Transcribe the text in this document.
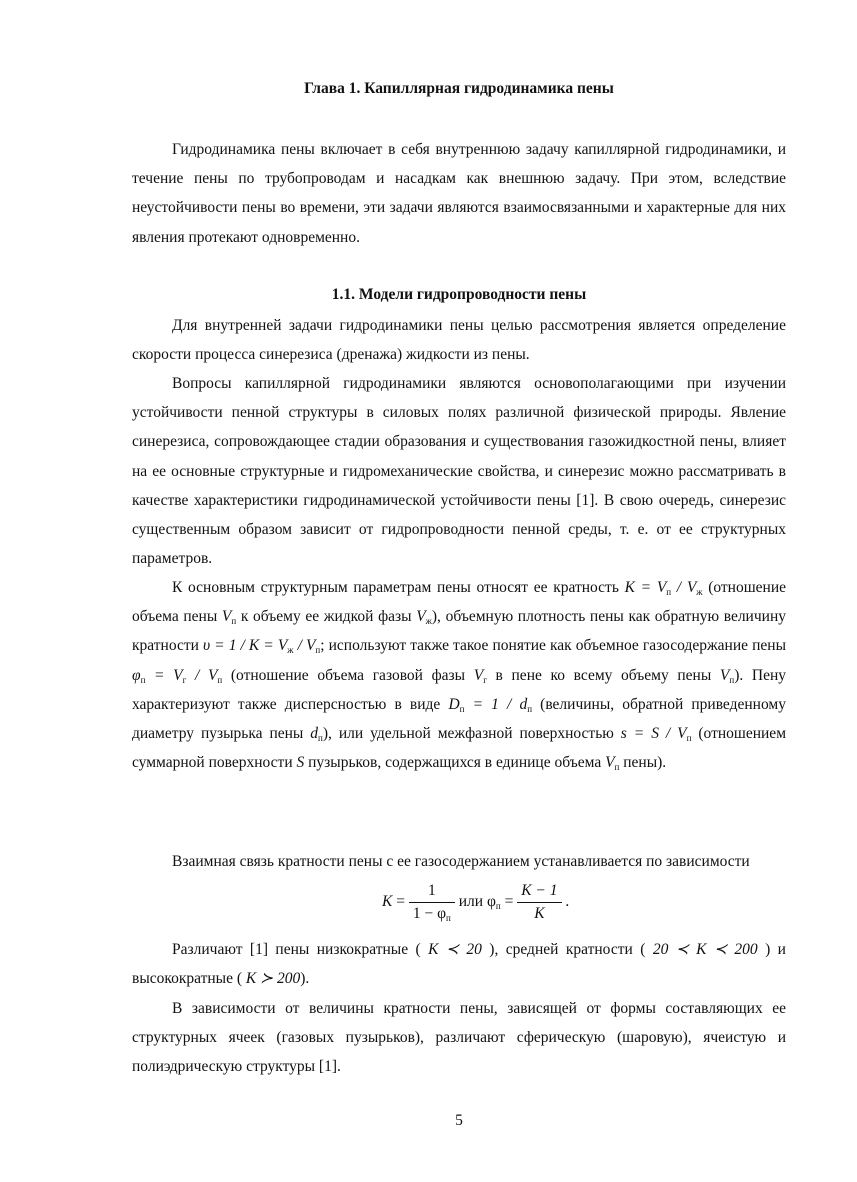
Глава 1. Капиллярная гидродинамика пены

Гидродинамика пены включает в себя внутреннюю задачу капиллярной гидродинамики, и течение пены по трубопроводам и насадкам как внешнюю задачу. При этом, вследствие неустойчивости пены во времени, эти задачи являются взаимосвязанными и характерные для них явления протекают одновременно.

1.1. Модели гидропроводности пены

Для внутренней задачи гидродинамики пены целью рассмотрения является определение скорости процесса синерезиса (дренажа) жидкости из пены.

Вопросы капиллярной гидродинамики являются основополагающими при изучении устойчивости пенной структуры в силовых полях различной физической природы. Явление синерезиса, сопровождающее стадии образования и существования газожидкостной пены, влияет на ее основные структурные и гидромеханические свойства, и синерезис можно рассматривать в качестве характеристики гидродинамической устойчивости пены [1]. В свою очередь, синерезис существенным образом зависит от гидропроводности пенной среды, т. е. от ее структурных параметров.

К основным структурным параметрам пены относят ее кратность $K = V_п / V_ж$ (отношение объема пены $V_п$ к объему ее жидкой фазы $V_ж$), объемную плотность пены как обратную величину кратности $\upsilon = 1 / K = V_ж / V_п$; используют также такое понятие как объемное газосодержание пены $\varphi_п = V_г / V_п$ (отношение объема газовой фазы $V_г$ в пене ко всему объему пены $V_п$). Пену характеризуют также дисперсностью в виде $D_п = 1 / d_п$ (величины, обратной приведенному диаметру пузырька пены $d_п$), или удельной межфазной поверхностью $s = S / V_п$ (отношением суммарной поверхности S пузырьков, содержащихся в единице объема $V_п$ пены).

Взаимная связь кратности пены с ее газосодержанием устанавливается по зависимости

$K = \frac{1}{1 - \varphi_п}$ или $\varphi_п = \frac{K - 1}{K}$ .

Различают [1] пены низкократные ( K ≺ 20 ), средней кратности ( 20 ≺ K ≺ 200 ) и высокократные ( K ≻ 200).

В зависимости от величины кратности пены, зависящей от формы составляющих ее структурных ячеек (газовых пузырьков), различают сферическую (шаровую), ячеистую и полиэдрическую структуры [1].

5
